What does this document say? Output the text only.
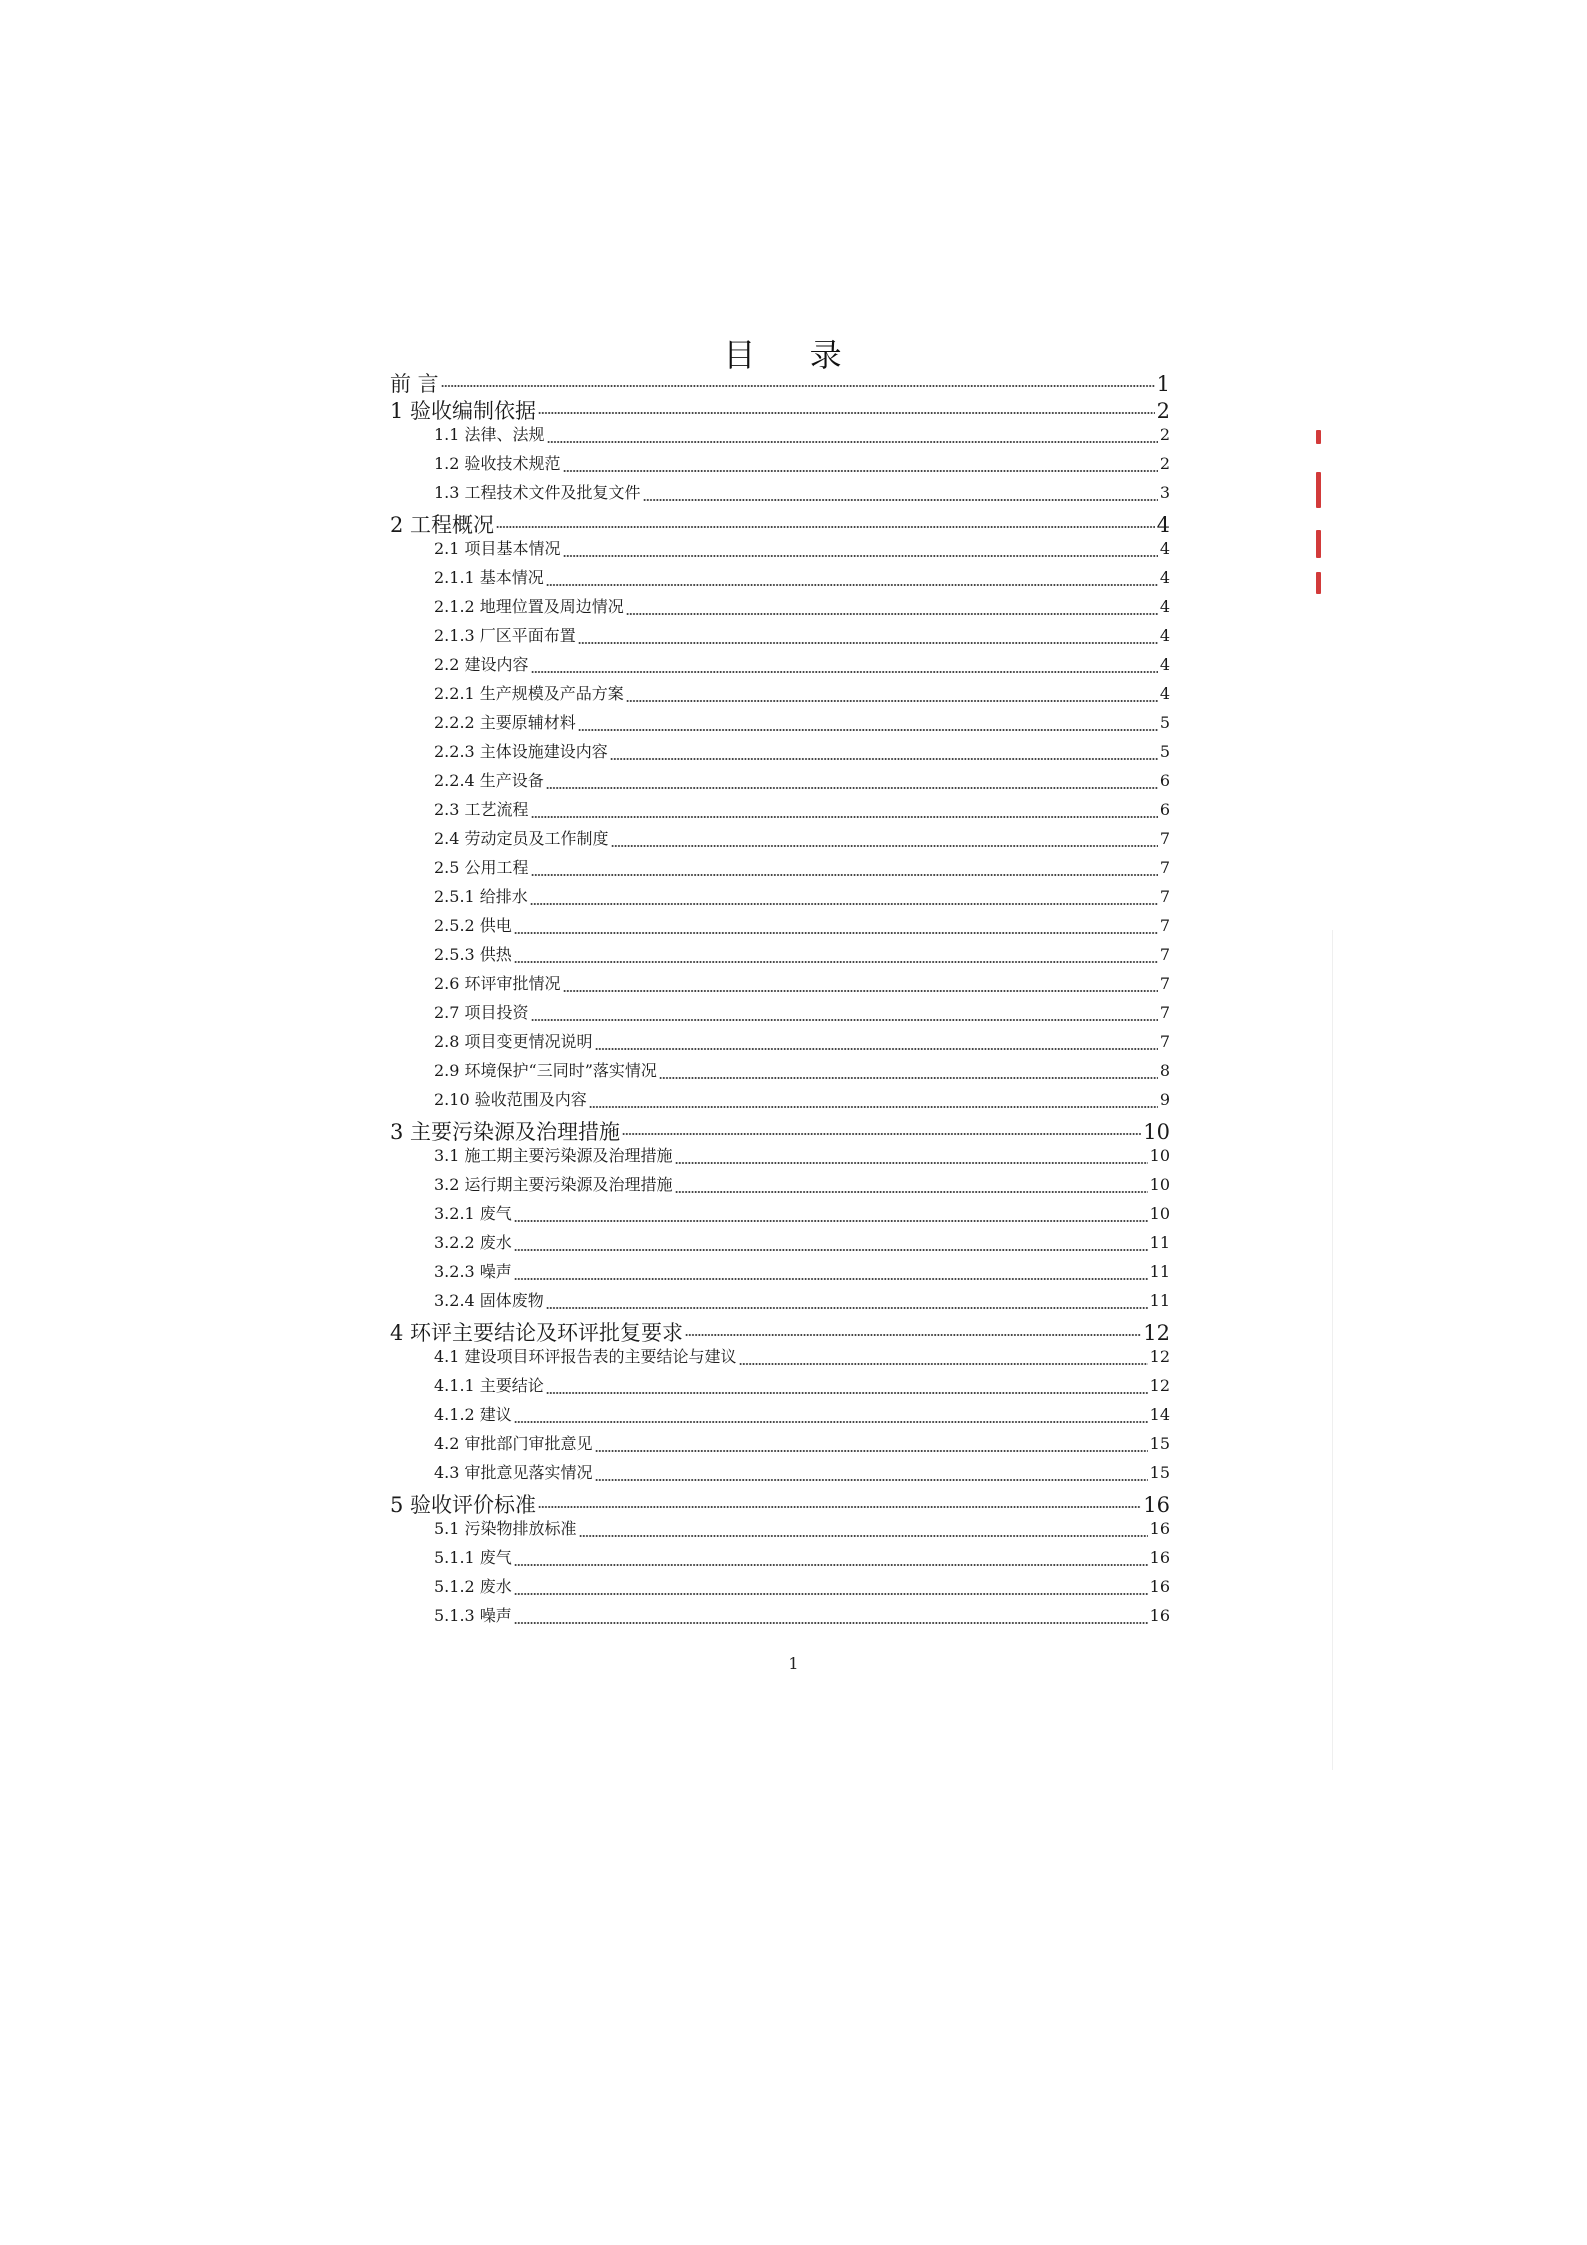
目 录
前 言	1
1 验收编制依据	2
1.1 法律、法规	2
1.2 验收技术规范	2
1.3 工程技术文件及批复文件	3
2 工程概况	4
2.1 项目基本情况	4
2.1.1 基本情况	4
2.1.2 地理位置及周边情况	4
2.1.3 厂区平面布置	4
2.2 建设内容	4
2.2.1 生产规模及产品方案	4
2.2.2 主要原辅材料	5
2.2.3 主体设施建设内容	5
2.2.4 生产设备	6
2.3 工艺流程	6
2.4 劳动定员及工作制度	7
2.5 公用工程	7
2.5.1 给排水	7
2.5.2 供电	7
2.5.3 供热	7
2.6 环评审批情况	7
2.7 项目投资	7
2.8 项目变更情况说明	7
2.9 环境保护“三同时”落实情况	8
2.10 验收范围及内容	9
3 主要污染源及治理措施	10
3.1 施工期主要污染源及治理措施	10
3.2 运行期主要污染源及治理措施	10
3.2.1 废气	10
3.2.2 废水	11
3.2.3 噪声	11
3.2.4 固体废物	11
4 环评主要结论及环评批复要求	12
4.1 建设项目环评报告表的主要结论与建议	12
4.1.1 主要结论	12
4.1.2 建议	14
4.2 审批部门审批意见	15
4.3 审批意见落实情况	15
5 验收评价标准	16
5.1 污染物排放标准	16
5.1.1 废气	16
5.1.2 废水	16
5.1.3 噪声	16
1
